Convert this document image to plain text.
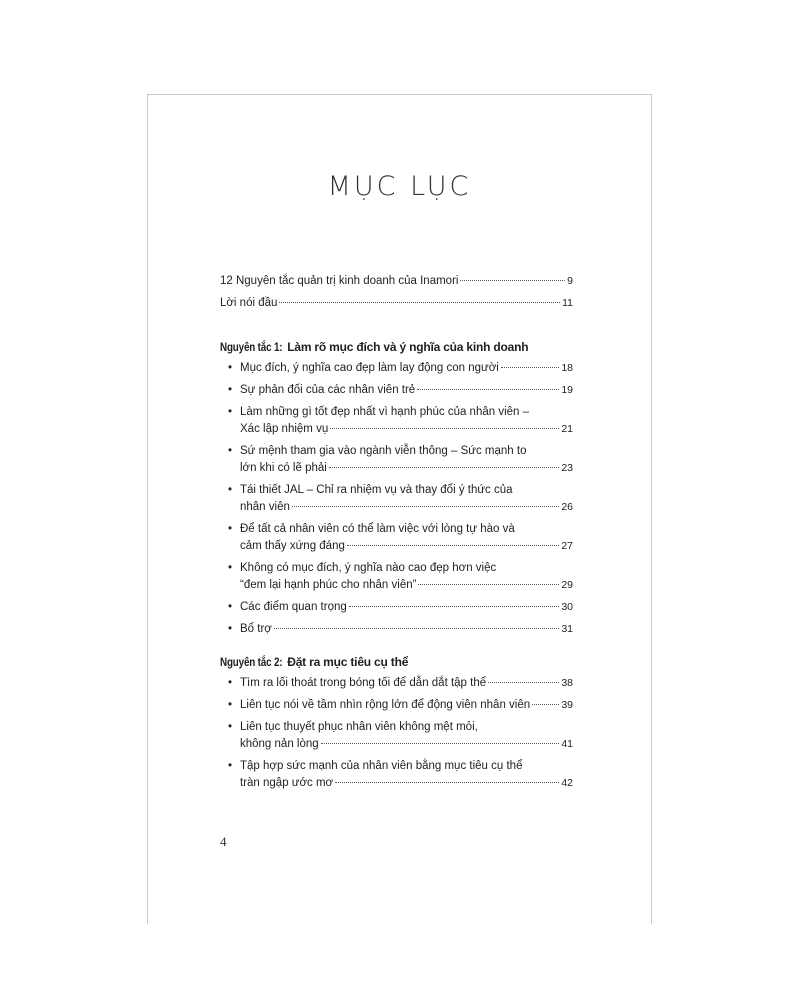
MỤC LỤC
12 Nguyên tắc quản trị kinh doanh của Inamori	9
Lời nói đầu	11
Nguyên tắc 1: Làm rõ mục đích và ý nghĩa của kinh doanh
• Mục đích, ý nghĩa cao đẹp làm lay động con người	18
• Sự phản đối của các nhân viên trẻ	19
• Làm những gì tốt đẹp nhất vì hạnh phúc của nhân viên –
Xác lập nhiệm vụ	21
• Sứ mệnh tham gia vào ngành viễn thông – Sức mạnh to
lớn khi có lẽ phải	23
• Tái thiết JAL – Chỉ ra nhiệm vụ và thay đổi ý thức của
nhân viên	26
• Để tất cả nhân viên có thể làm việc với lòng tự hào và
cảm thấy xứng đáng	27
• Không có mục đích, ý nghĩa nào cao đẹp hơn việc
“đem lại hạnh phúc cho nhân viên”	29
• Các điểm quan trọng	30
• Bổ trợ	31
Nguyên tắc 2: Đặt ra mục tiêu cụ thể
• Tìm ra lối thoát trong bóng tối để dẫn dắt tập thể	38
• Liên tục nói về tầm nhìn rộng lớn để động viên nhân viên	39
• Liên tục thuyết phục nhân viên không mệt mỏi,
không nản lòng	41
• Tập hợp sức mạnh của nhân viên bằng mục tiêu cụ thể
tràn ngập ước mơ	42
4
